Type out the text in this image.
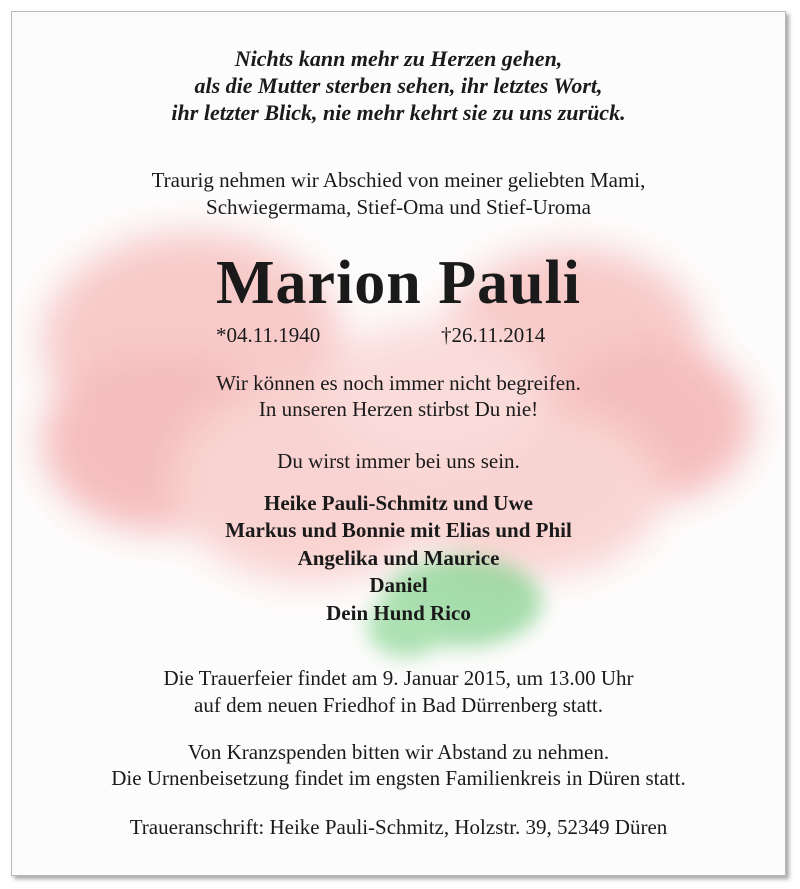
Nichts kann mehr zu Herzen gehen,
als die Mutter sterben sehen, ihr letztes Wort,
ihr letzter Blick, nie mehr kehrt sie zu uns zurück.
Traurig nehmen wir Abschied von meiner geliebten Mami,
Schwiegermama, Stief-Oma und Stief-Uroma
Marion Pauli
*04.11.1940	†26.11.2014
Wir können es noch immer nicht begreifen.
In unseren Herzen stirbst Du nie!
Du wirst immer bei uns sein.
Heike Pauli-Schmitz und Uwe
Markus und Bonnie mit Elias und Phil
Angelika und Maurice
Daniel
Dein Hund Rico
Die Trauerfeier findet am 9. Januar 2015, um 13.00 Uhr
auf dem neuen Friedhof in Bad Dürrenberg statt.
Von Kranzspenden bitten wir Abstand zu nehmen.
Die Urnenbeisetzung findet im engsten Familienkreis in Düren statt.
Traueranschrift: Heike Pauli-Schmitz, Holzstr. 39, 52349 Düren
